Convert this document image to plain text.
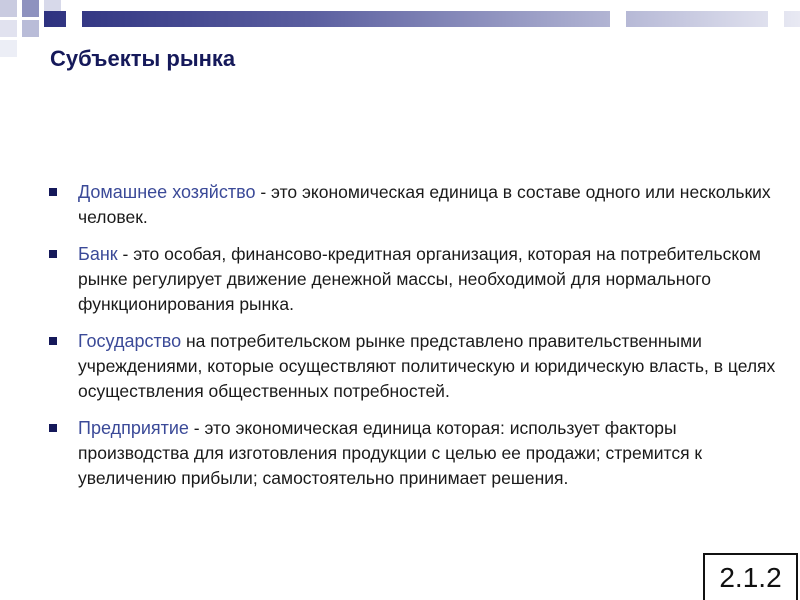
Субъекты рынка
Домашнее хозяйство - это экономическая единица в составе одного или нескольких человек.
Банк - это особая, финансово-кредитная организация, которая на потребительском рынке регулирует движение денежной массы, необходимой для нормального функционирования рынка.
Государство на потребительском рынке представлено правительственными учреждениями, которые осуществляют политическую и юридическую власть, в целях осуществления общественных потребностей.
Предприятие - это экономическая единица которая: использует факторы производства для изготовления продукции с целью ее продажи; стремится к увеличению прибыли; самостоятельно принимает решения.
2.1.2
